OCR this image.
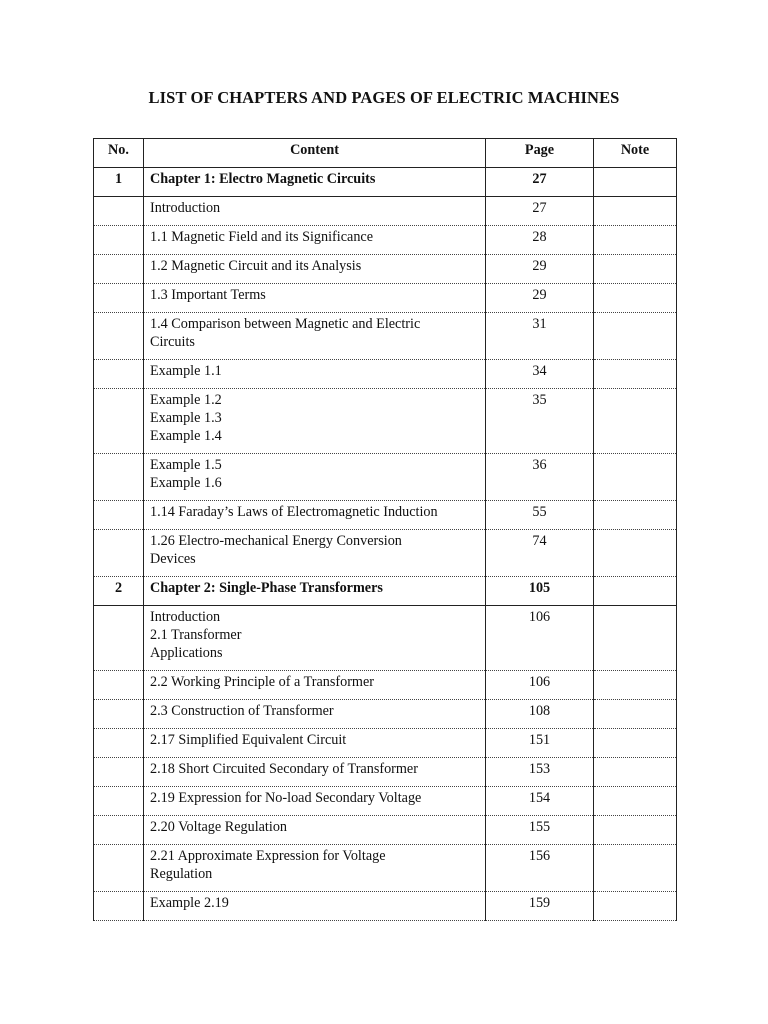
LIST OF CHAPTERS AND PAGES OF ELECTRIC MACHINES
No.	Content	Page	Note
1	Chapter 1: Electro Magnetic Circuits	27	

	Introduction	27	

	1.1 Magnetic Field and its Significance	28	

	1.2 Magnetic Circuit and its Analysis	29	

	1.3 Important Terms	29	

	1.4 Comparison between Magnetic and Electric
Circuits	31	

	Example 1.1	34	

	Example 1.2
Example 1.3
Example 1.4	35	

	Example 1.5
Example 1.6	36	

	1.14 Faraday’s Laws of Electromagnetic Induction	55	

	1.26 Electro-mechanical Energy Conversion
Devices	74	
2	Chapter 2: Single-Phase Transformers	105	

	Introduction
2.1 Transformer
Applications	106	

	2.2 Working Principle of a Transformer	106	

	2.3 Construction of Transformer	108	

	2.17 Simplified Equivalent Circuit	151	

	2.18 Short Circuited Secondary of Transformer	153	

	2.19 Expression for No-load Secondary Voltage	154	

	2.20 Voltage Regulation	155	

	2.21 Approximate Expression for Voltage
Regulation	156	

	Example 2.19	159	
